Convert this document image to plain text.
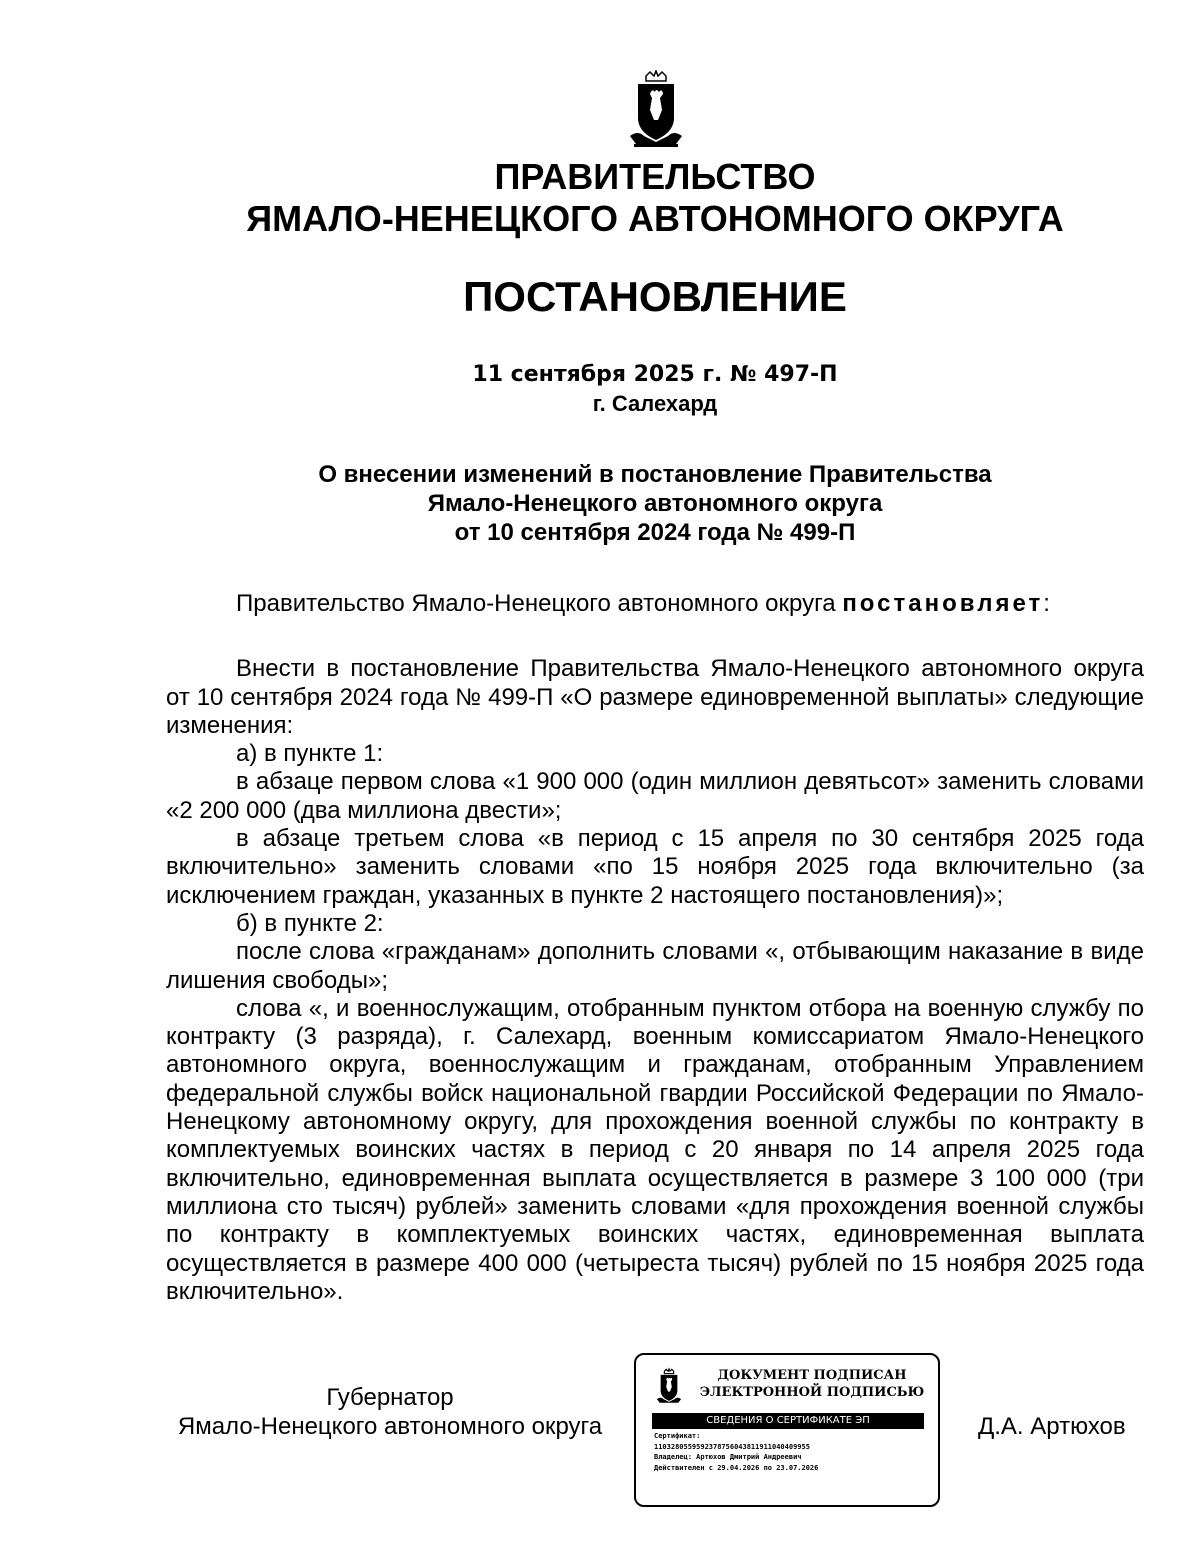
ПРАВИТЕЛЬСТВО
ЯМАЛО-НЕНЕЦКОГО АВТОНОМНОГО ОКРУГА
ПОСТАНОВЛЕНИЕ
11 сентября 2025 г. № 497-П
г. Салехард
О внесении изменений в постановление Правительства
Ямало-Ненецкого автономного округа
от 10 сентября 2024 года № 499-П

Правительство Ямало-Ненецкого автономного округа постановляет:

Внести в постановление Правительства Ямало-Ненецкого автономного округа от 10 сентября 2024 года № 499-П «О размере единовременной выплаты» следующие изменения:

а) в пункте 1:

в абзаце первом слова «1 900 000 (один миллион девятьсот» заменить словами «2 200 000 (два миллиона двести»;

в абзаце третьем слова «в период с 15 апреля по 30 сентября 2025 года включительно» заменить словами «по 15 ноября 2025 года включительно (за исключением граждан, указанных в пункте 2 настоящего постановления)»;

б) в пункте 2:

после слова «гражданам» дополнить словами «, отбывающим наказание в виде лишения свободы»;

слова «, и военнослужащим, отобранным пунктом отбора на военную службу по контракту (3 разряда), г. Салехард, военным комиссариатом Ямало-Ненецкого автономного округа, военнослужащим и гражданам, отобранным Управлением федеральной службы войск национальной гвардии Российской Федерации по Ямало-Ненецкому автономному округу, для прохождения военной службы по контракту в комплектуемых воинских частях в период с 20 января по 14 апреля 2025 года включительно, единовременная выплата осуществляется в размере 3 100 000 (три миллиона сто тысяч) рублей» заменить словами «для прохождения военной службы по контракту в комплектуемых воинских частях, единовременная выплата осуществляется в размере 400 000 (четыреста тысяч) рублей по 15 ноября 2025 года включительно».

Губернатор
Ямало-Ненецкого автономного округа
ДОКУМЕНТ ПОДПИСАН
ЭЛЕКТРОННОЙ ПОДПИСЬЮ
СВЕДЕНИЯ О СЕРТИФИКАТЕ ЭП
Сертификат:
1103280559592378756043811911040409955
Владелец: Артюхов Дмитрий Андреевич
Действителен с 29.04.2026 по 23.07.2026
Д.А. Артюхов
